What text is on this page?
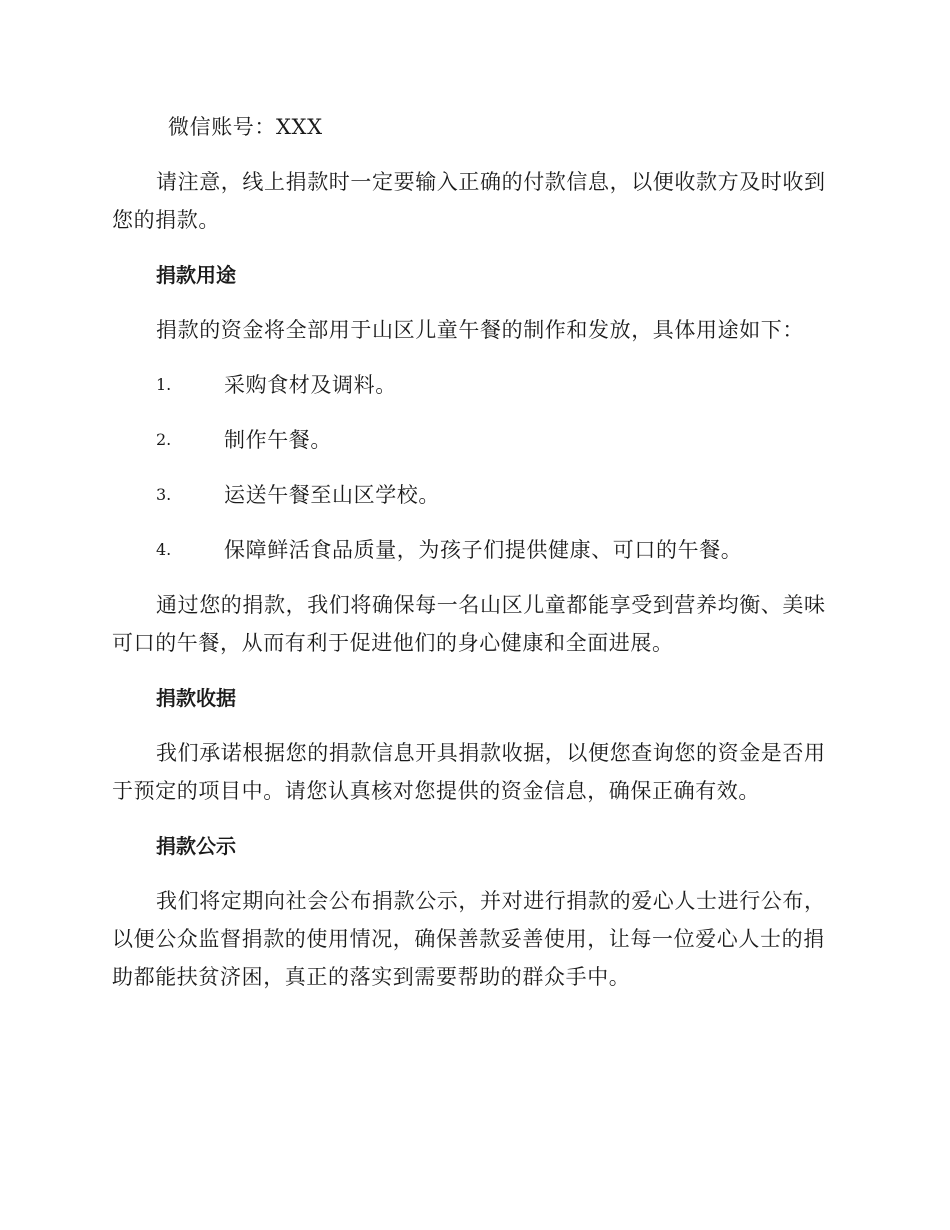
微信账号：XXX

请注意，线上捐款时一定要输入正确的付款信息，以便收款方及时收到您的捐款。

捐款用途

捐款的资金将全部用于山区儿童午餐的制作和发放，具体用途如下：

1.	采购食材及调料。
2.	制作午餐。
3.	运送午餐至山区学校。
4.	保障鲜活食品质量，为孩子们提供健康、可口的午餐。

通过您的捐款，我们将确保每一名山区儿童都能享受到营养均衡、美味可口的午餐，从而有利于促进他们的身心健康和全面进展。

捐款收据

我们承诺根据您的捐款信息开具捐款收据，以便您查询您的资金是否用于预定的项目中。请您认真核对您提供的资金信息，确保正确有效。

捐款公示

我们将定期向社会公布捐款公示，并对进行捐款的爱心人士进行公布，以便公众监督捐款的使用情况，确保善款妥善使用，让每一位爱心人士的捐助都能扶贫济困，真正的落实到需要帮助的群众手中。
